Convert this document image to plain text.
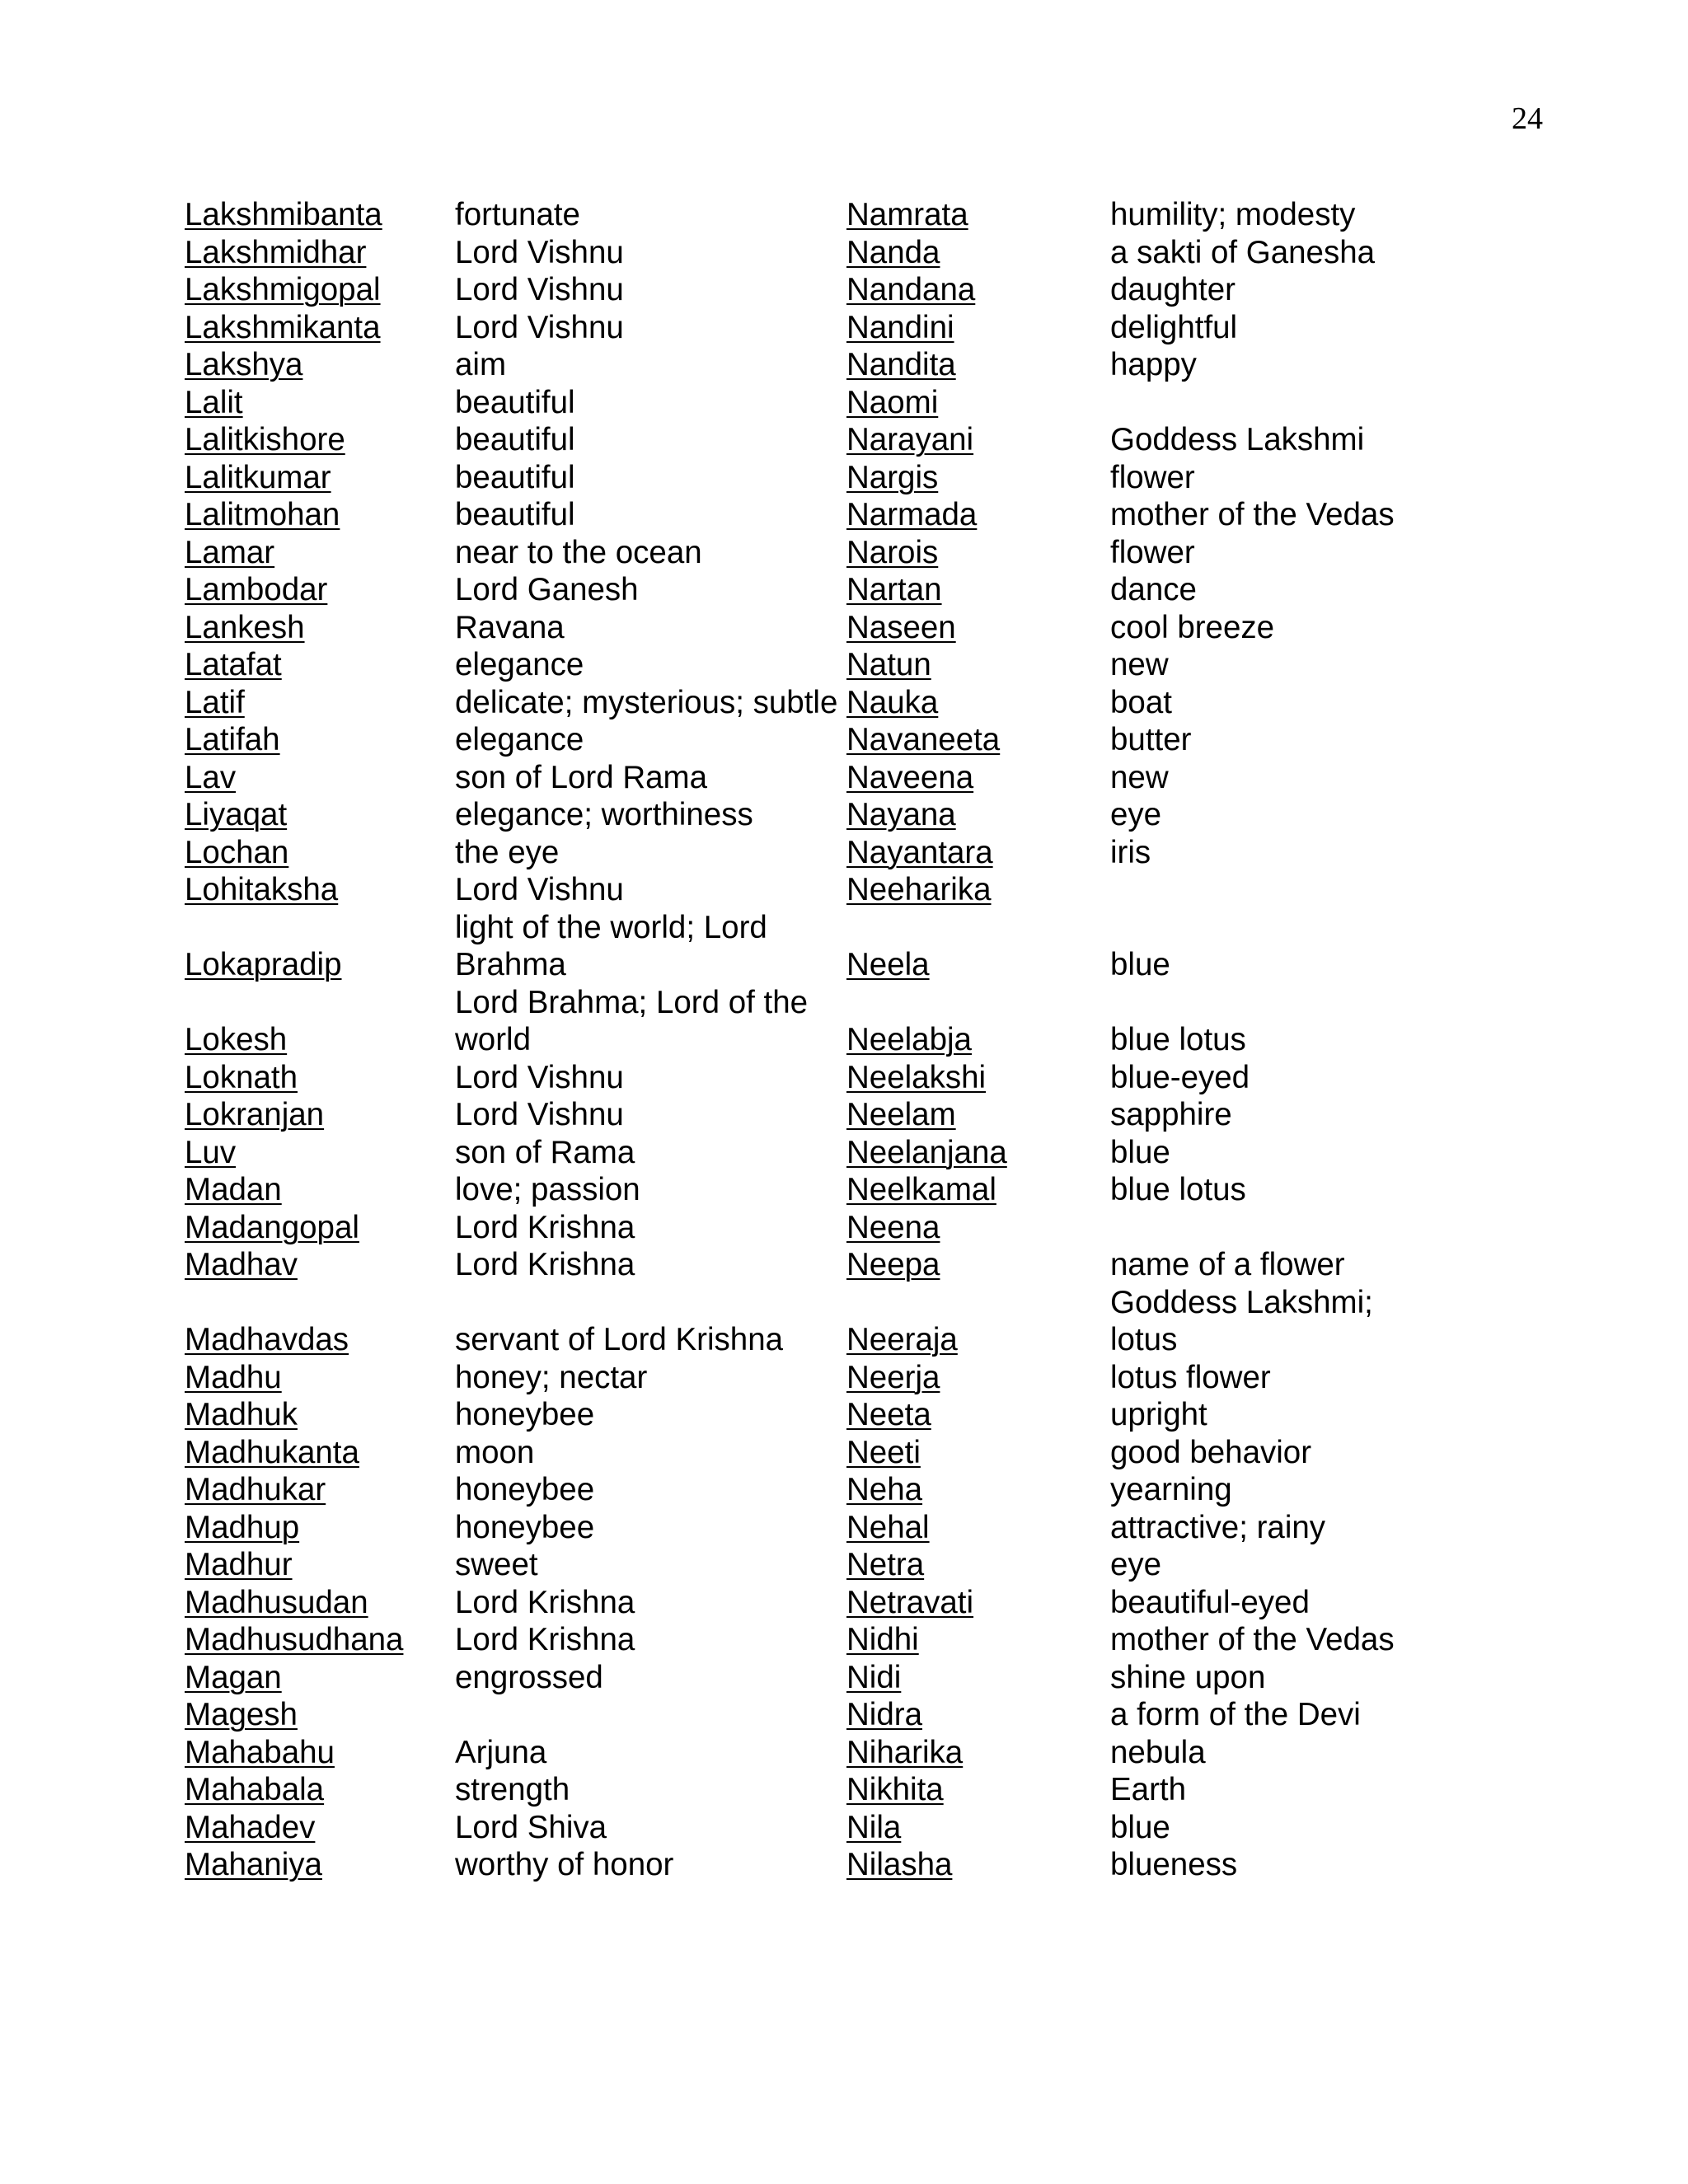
24
Lakshmibanta	fortunate	Namrata	humility; modesty
Lakshmidhar	Lord Vishnu	Nanda	a sakti of Ganesha
Lakshmigopal	Lord Vishnu	Nandana	daughter
Lakshmikanta	Lord Vishnu	Nandini	delightful
Lakshya	aim	Nandita	happy
Lalit	beautiful	Naomi	
Lalitkishore	beautiful	Narayani	Goddess Lakshmi
Lalitkumar	beautiful	Nargis	flower
Lalitmohan	beautiful	Narmada	mother of the Vedas
Lamar	near to the ocean	Narois	flower
Lambodar	Lord Ganesh	Nartan	dance
Lankesh	Ravana	Naseen	cool breeze
Latafat	elegance	Natun	new
Latif	delicate; mysterious; subtle	Nauka	boat
Latifah	elegance	Navaneeta	butter
Lav	son of Lord Rama	Naveena	new
Liyaqat	elegance; worthiness	Nayana	eye
Lochan	the eye	Nayantara	iris
Lohitaksha	Lord Vishnu	Neeharika	
Lokapradip	light of the world; Lord Brahma	Neela	blue
Lokesh	Lord Brahma; Lord of the world	Neelabja	blue lotus
Loknath	Lord Vishnu	Neelakshi	blue-eyed
Lokranjan	Lord Vishnu	Neelam	sapphire
Luv	son of Rama	Neelanjana	blue
Madan	love; passion	Neelkamal	blue lotus
Madangopal	Lord Krishna	Neena	
Madhav	Lord Krishna	Neepa	name of a flower
Madhavdas	servant of Lord Krishna	Neeraja	Goddess Lakshmi; lotus
Madhu	honey; nectar	Neerja	lotus flower
Madhuk	honeybee	Neeta	upright
Madhukanta	moon	Neeti	good behavior
Madhukar	honeybee	Neha	yearning
Madhup	honeybee	Nehal	attractive; rainy
Madhur	sweet	Netra	eye
Madhusudan	Lord Krishna	Netravati	beautiful-eyed
Madhusudhana	Lord Krishna	Nidhi	mother of the Vedas
Magan	engrossed	Nidi	shine upon
Magesh		Nidra	a form of the Devi
Mahabahu	Arjuna	Niharika	nebula
Mahabala	strength	Nikhita	Earth
Mahadev	Lord Shiva	Nila	blue
Mahaniya	worthy of honor	Nilasha	blueness
